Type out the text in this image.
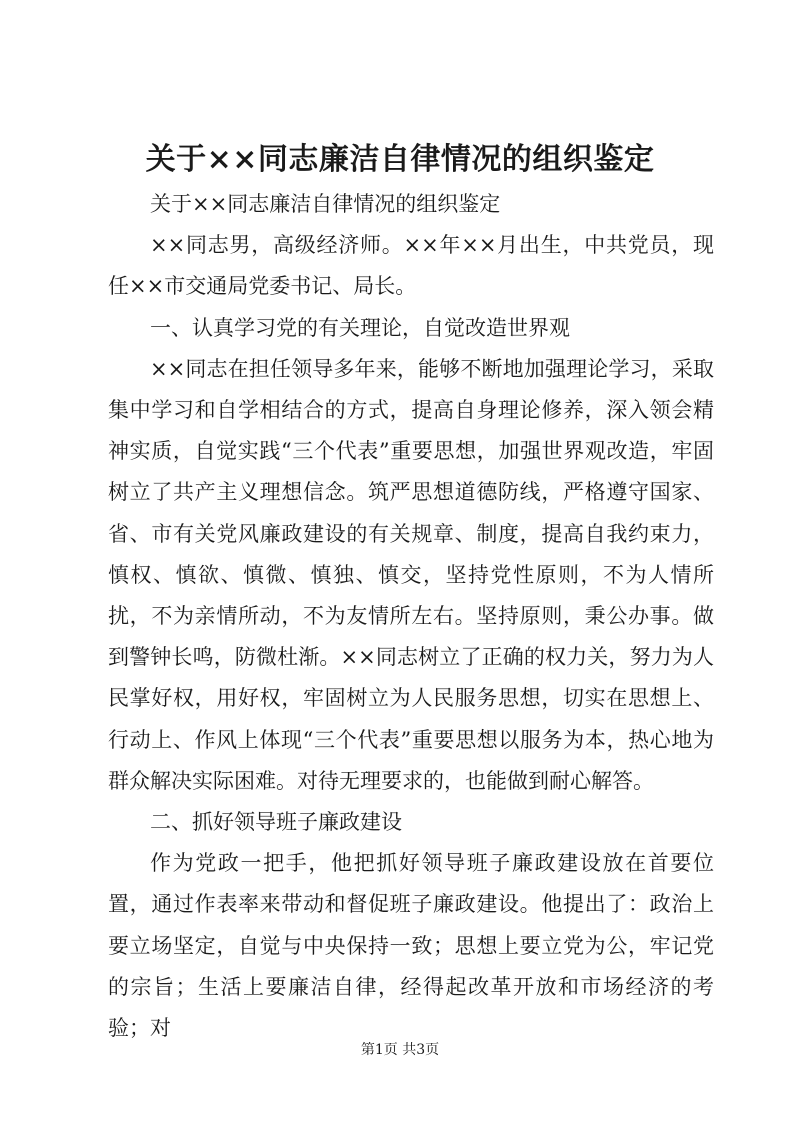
关于××同志廉洁自律情况的组织鉴定

关于××同志廉洁自律情况的组织鉴定

××同志男，高级经济师。××年××月出生，中共党员，现任××市交通局党委书记、局长。

一、认真学习党的有关理论，自觉改造世界观

××同志在担任领导多年来，能够不断地加强理论学习，采取集中学习和自学相结合的方式，提高自身理论修养，深入领会精神实质，自觉实践“三个代表”重要思想，加强世界观改造，牢固树立了共产主义理想信念。筑严思想道德防线，严格遵守国家、省、市有关党风廉政建设的有关规章、制度，提高自我约束力，慎权、慎欲、慎微、慎独、慎交，坚持党性原则，不为人情所扰，不为亲情所动，不为友情所左右。坚持原则，秉公办事。做到警钟长鸣，防微杜渐。××同志树立了正确的权力关，努力为人民掌好权，用好权，牢固树立为人民服务思想，切实在思想上、行动上、作风上体现“三个代表”重要思想以服务为本，热心地为群众解决实际困难。对待无理要求的，也能做到耐心解答。

二、抓好领导班子廉政建设

作为党政一把手，他把抓好领导班子廉政建设放在首要位置，通过作表率来带动和督促班子廉政建设。他提出了：政治上要立场坚定，自觉与中央保持一致；思想上要立党为公，牢记党的宗旨；生活上要廉洁自律，经得起改革开放和市场经济的考验；对

第1页 共3页
